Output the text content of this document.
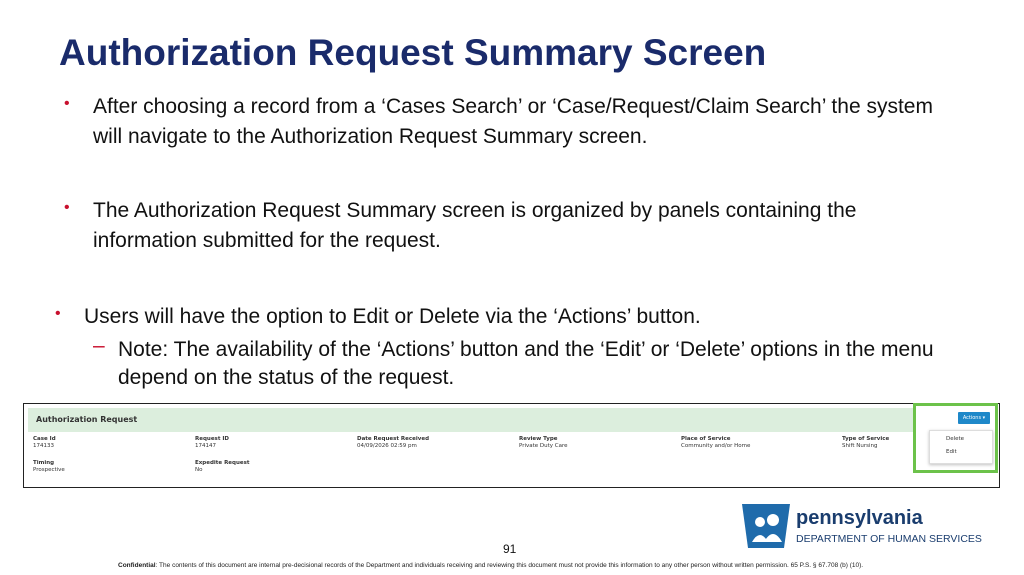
Authorization Request Summary Screen
• After choosing a record from a ‘Cases Search’ or ‘Case/Request/Claim Search’ the system will navigate to the Authorization Request Summary screen.
• The Authorization Request Summary screen is organized by panels containing the information submitted for the request.
• Users will have the option to Edit or Delete via the ‘Actions’ button.
– Note: The availability of the ‘Actions’ button and the ‘Edit’ or ‘Delete’ options in the menu depend on the status of the request.
Authorization Request
Case Id
174133
Request ID
174147
Date Request Received
04/09/2026 02:59 pm
Review Type
Private Duty Care
Place of Service
Community and/or Home
Type of Service
Shift Nursing
Timing
Prospective
Expedite Request
No
Actions ▾
Delete
Edit
91
Confidential: The contents of this document are internal pre-decisional records of the Department and individuals receiving and reviewing this document must not provide this information to any other person without written permission. 65 P.S. § 67.708 (b) (10).
pennsylvania
DEPARTMENT OF HUMAN SERVICES
